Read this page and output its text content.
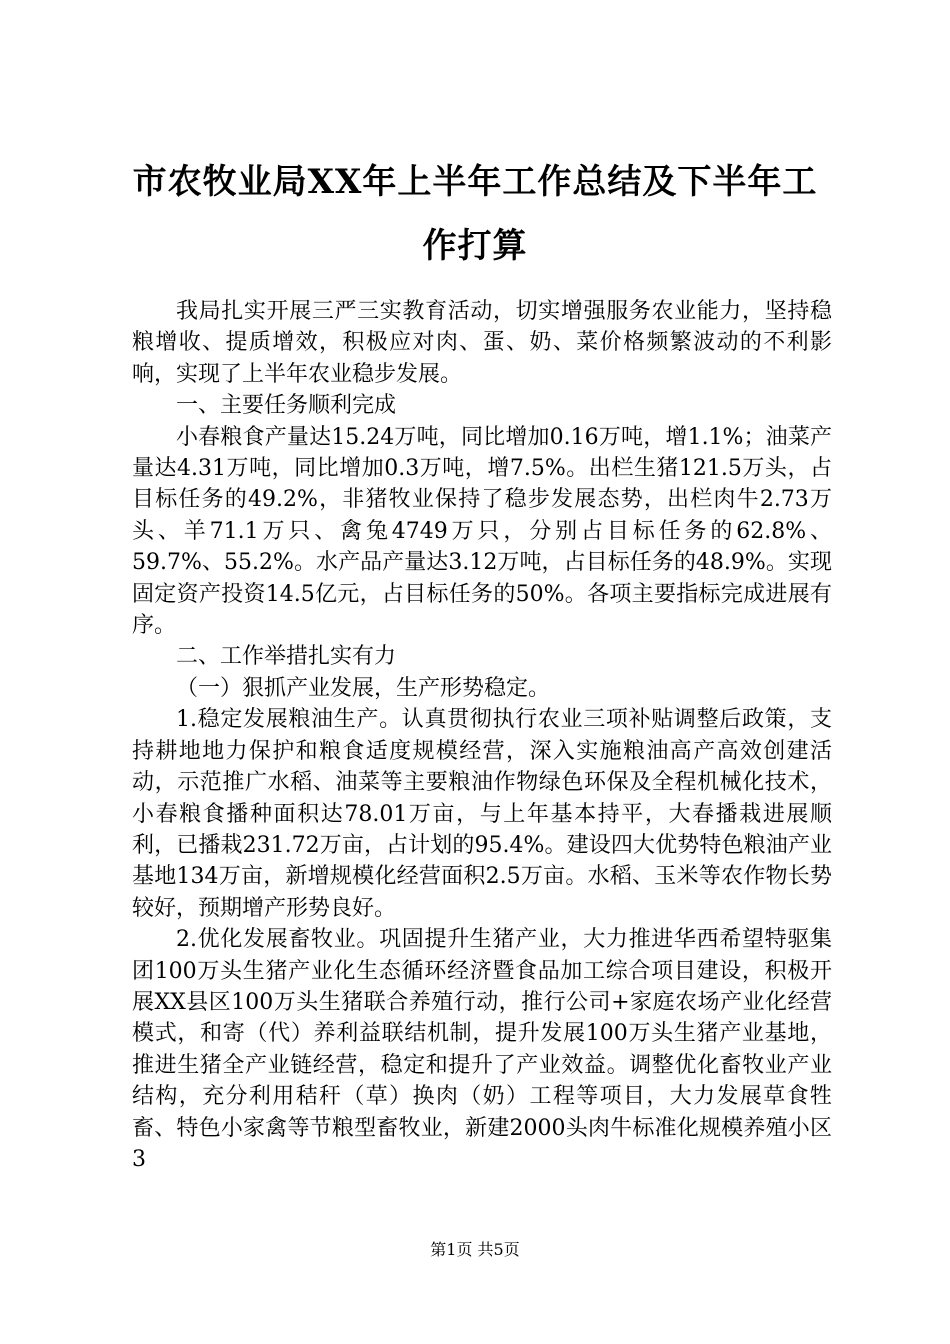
市农牧业局XX年上半年工作总结及下半年工
作打算

我局扎实开展三严三实教育活动，切实增强服务农业能力，坚持稳粮增收、提质增效，积极应对肉、蛋、奶、菜价格频繁波动的不利影响，实现了上半年农业稳步发展。

一、主要任务顺利完成

小春粮食产量达15.24万吨，同比增加0.16万吨，增1.1%；油菜产量达4.31万吨，同比增加0.3万吨，增7.5%。出栏生猪121.5万头，占目标任务的49.2%，非猪牧业保持了稳步发展态势，出栏肉牛2.73万头、羊71.1万只、禽兔4749万只，分别占目标任务的62.8%、59.7%、55.2%。水产品产量达3.12万吨，占目标任务的48.9%。实现固定资产投资14.5亿元，占目标任务的50%。各项主要指标完成进展有序。

二、工作举措扎实有力

（一）狠抓产业发展，生产形势稳定。

1.稳定发展粮油生产。认真贯彻执行农业三项补贴调整后政策，支持耕地地力保护和粮食适度规模经营，深入实施粮油高产高效创建活动，示范推广水稻、油菜等主要粮油作物绿色环保及全程机械化技术，小春粮食播种面积达78.01万亩，与上年基本持平，大春播栽进展顺利，已播栽231.72万亩，占计划的95.4%。建设四大优势特色粮油产业基地134万亩，新增规模化经营面积2.5万亩。水稻、玉米等农作物长势较好，预期增产形势良好。

2.优化发展畜牧业。巩固提升生猪产业，大力推进华西希望特驱集团100万头生猪产业化生态循环经济暨食品加工综合项目建设，积极开展XX县区100万头生猪联合养殖行动，推行公司+家庭农场产业化经营模式，和寄（代）养利益联结机制，提升发展100万头生猪产业基地，推进生猪全产业链经营，稳定和提升了产业效益。调整优化畜牧业产业结构，充分利用秸秆（草）换肉（奶）工程等项目，大力发展草食牲畜、特色小家禽等节粮型畜牧业，新建2000头肉牛标准化规模养殖小区3

第1页 共5页
